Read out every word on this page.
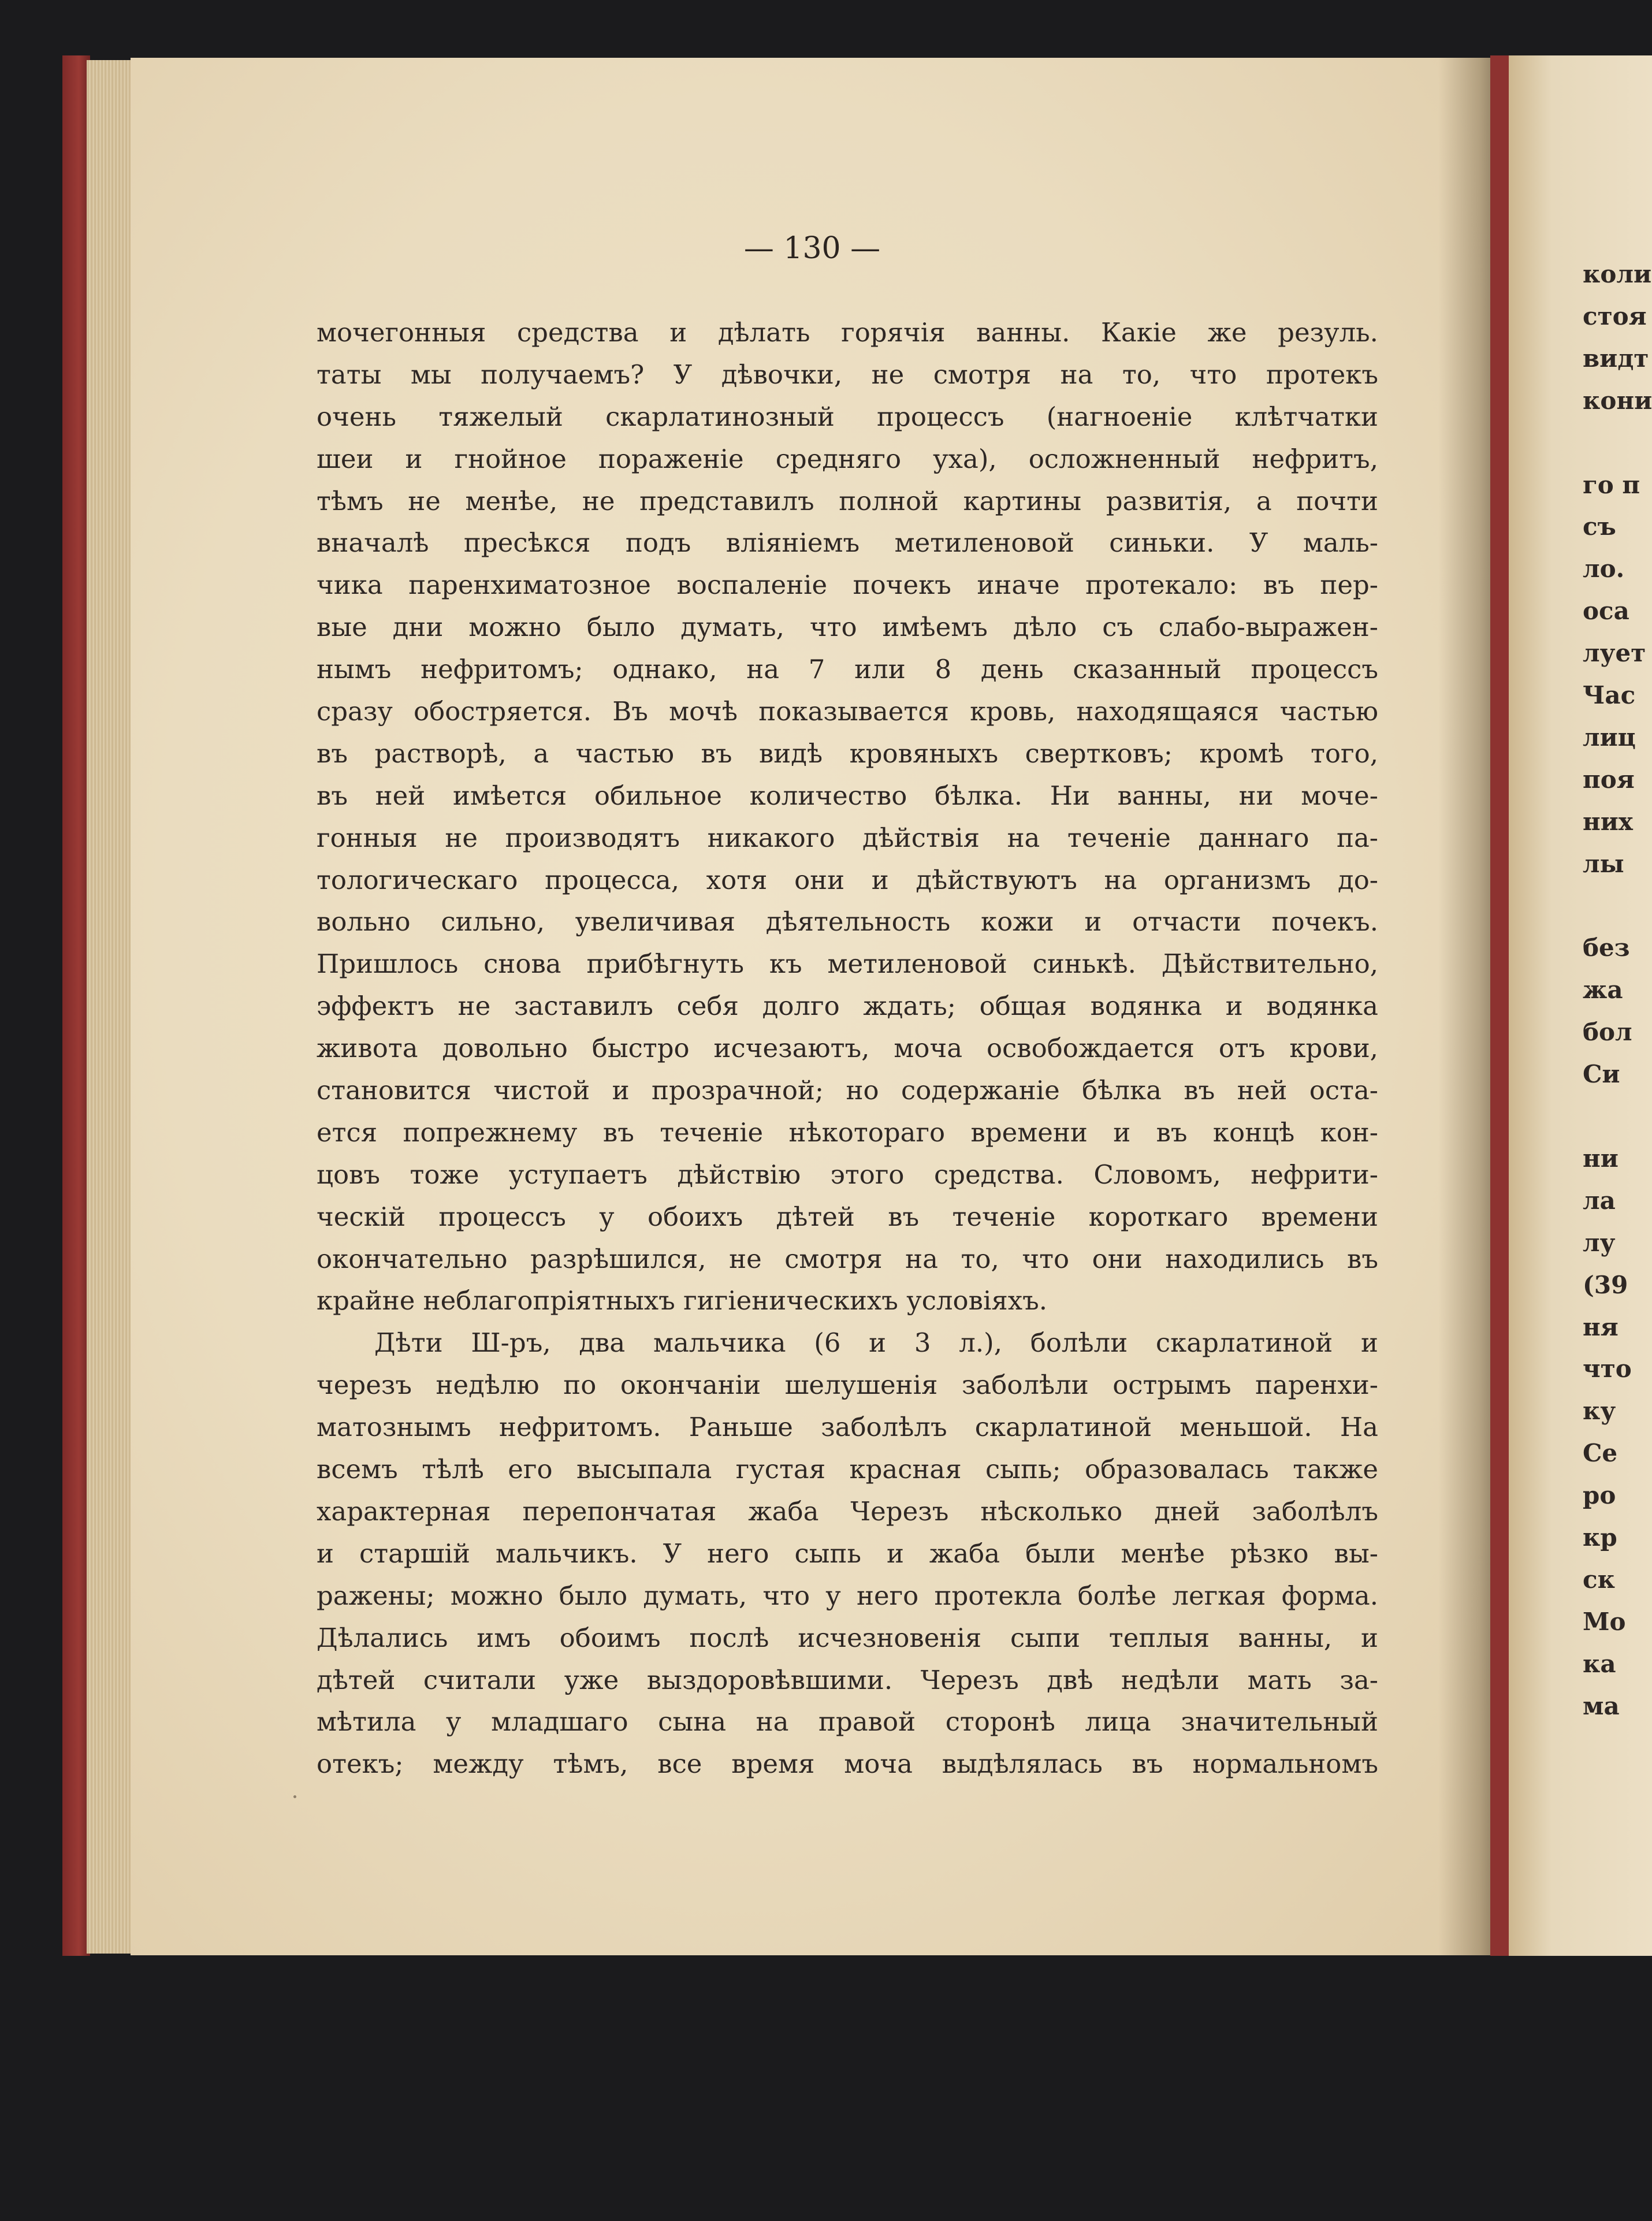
— 130 —

мочегонныя средства и дѣлать горячія ванны. Какіе же резуль.
таты мы получаемъ? У дѣвочки, не смотря на то, что протекъ
очень тяжелый скарлатинозный процессъ (нагноеніе клѣтчатки
шеи и гнойное пораженіе средняго уха), осложненный нефритъ,
тѣмъ не менѣе, не представилъ полной картины развитія, а почти
вначалѣ пресѣкся подъ вліяніемъ метиленовой синьки. У маль-
чика паренхиматозное воспаленіе почекъ иначе протекало: въ пер-
вые дни можно было думать, что имѣемъ дѣло съ слабо-выражен-
нымъ нефритомъ; однако, на 7 или 8 день сказанный процессъ
сразу обостряется. Въ мочѣ показывается кровь, находящаяся частью
въ растворѣ, а частью въ видѣ кровяныхъ свертковъ; кромѣ того,
въ ней имѣется обильное количество бѣлка. Ни ванны, ни моче-
гонныя не производятъ никакого дѣйствія на теченіе даннаго па-
тологическаго процесса, хотя они и дѣйствуютъ на организмъ до-
вольно сильно, увеличивая дѣятельность кожи и отчасти почекъ.
Пришлось снова прибѣгнуть къ метиленовой синькѣ. Дѣйствительно,
эффектъ не заставилъ себя долго ждать; общая водянка и водянка
живота довольно быстро исчезаютъ, моча освобождается отъ крови,
становится чистой и прозрачной; но содержаніе бѣлка въ ней оста-
ется попрежнему въ теченіе нѣкотораго времени и въ концѣ кон-
цовъ тоже уступаетъ дѣйствію этого средства. Словомъ, нефрити-
ческій процессъ у обоихъ дѣтей въ теченіе короткаго времени
окончательно разрѣшился, не смотря на то, что они находились въ
крайне неблагопріятныхъ гигіеническихъ условіяхъ.
Дѣти Ш-ръ, два мальчика (6 и 3 л.), болѣли скарлатиной и
черезъ недѣлю по окончаніи шелушенія заболѣли острымъ паренхи-
матознымъ нефритомъ. Раньше заболѣлъ скарлатиной меньшой. На
всемъ тѣлѣ его высыпала густая красная сыпь; образовалась также
характерная перепончатая жаба Черезъ нѣсколько дней заболѣлъ
и старшій мальчикъ. У него сыпь и жаба были менѣе рѣзко вы-
ражены; можно было думать, что у него протекла болѣе легкая форма.
Дѣлались имъ обоимъ послѣ исчезновенія сыпи теплыя ванны, и
дѣтей считали уже выздоровѣвшими. Черезъ двѣ недѣли мать за-
мѣтила у младшаго сына на правой сторонѣ лица значительный
отекъ; между тѣмъ, все время моча выдѣлялась въ нормальномъ
коли
стоя
видт
кони
го п
съ
ло.
оса
лует
Час
лиц
поя
них
лы
без
жа
бол
Си
ни
ла
лу
(39
ня
что
ку
Се
ро
кр
ск
Мо
ка
ма
